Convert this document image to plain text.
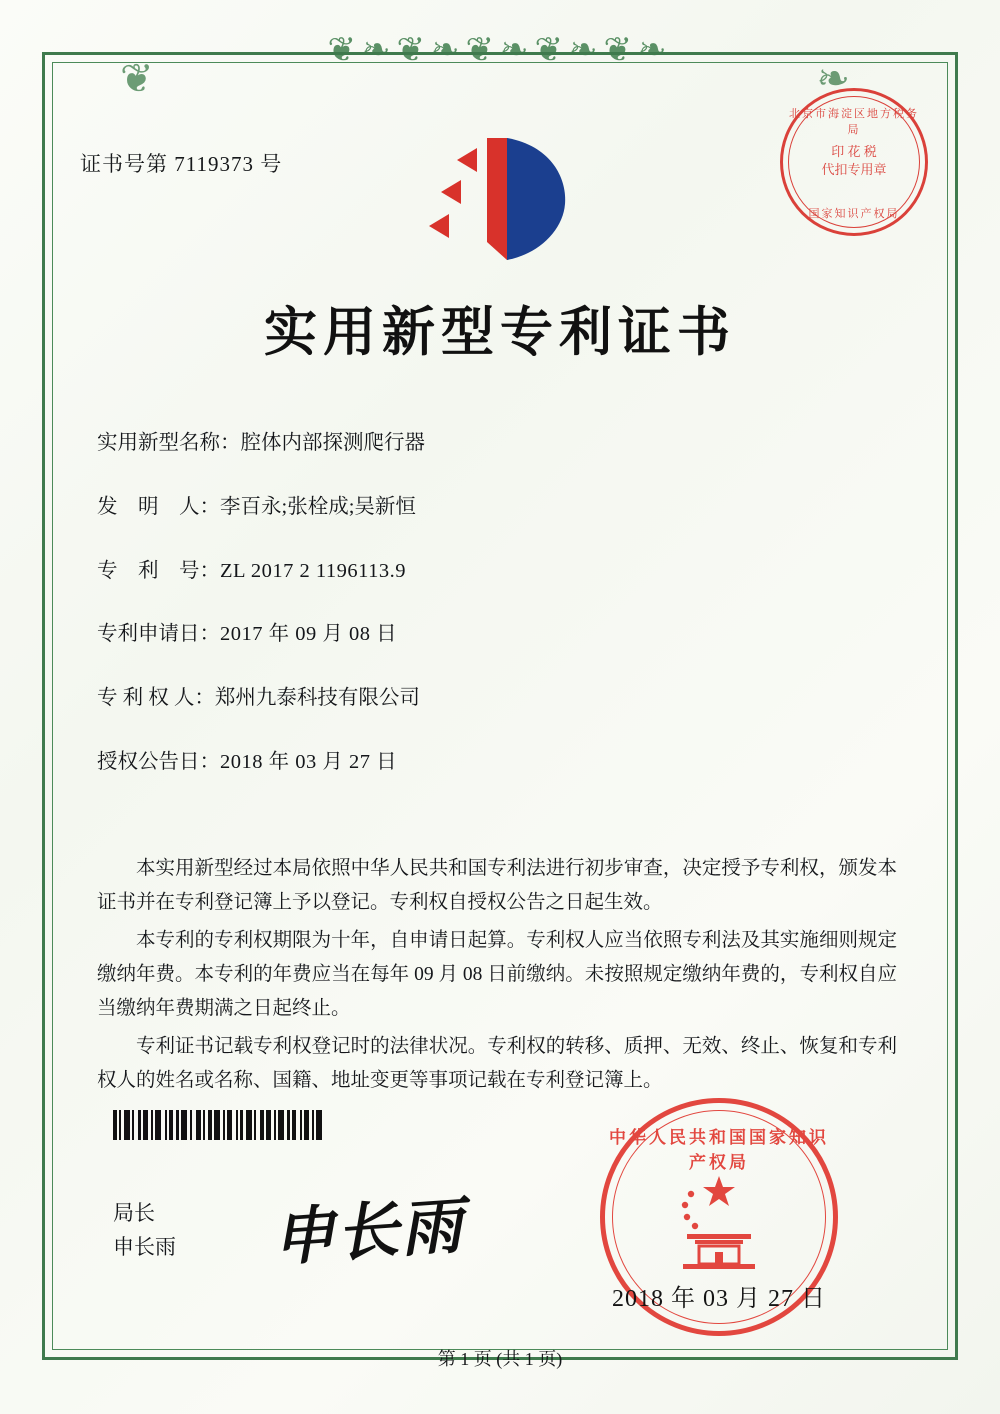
❦❧❦❧❦❧❦❧❦❧
❦	❧
证书号第 7119373 号
北京市海淀区地方税务局
印 花 税
代扣专用章
国家知识产权局
实用新型专利证书
实用新型名称：腔体内部探测爬行器
发　明　人：李百永;张栓成;吴新恒
专　利　号：ZL 2017 2 1196113.9
专利申请日：2017 年 09 月 08 日
专 利 权 人：郑州九泰科技有限公司
授权公告日：2018 年 03 月 27 日

本实用新型经过本局依照中华人民共和国专利法进行初步审查，决定授予专利权，颁发本证书并在专利登记簿上予以登记。专利权自授权公告之日起生效。

本专利的专利权期限为十年，自申请日起算。专利权人应当依照专利法及其实施细则规定缴纳年费。本专利的年费应当在每年 09 月 08 日前缴纳。未按照规定缴纳年费的，专利权自应当缴纳年费期满之日起终止。

专利证书记载专利权登记时的法律状况。专利权的转移、质押、无效、终止、恢复和专利权人的姓名或名称、国籍、地址变更等事项记载在专利登记簿上。

局长
申长雨 申长雨
中华人民共和国国家知识产权局
2018 年 03 月 27 日
第 1 页 (共 1 页)
